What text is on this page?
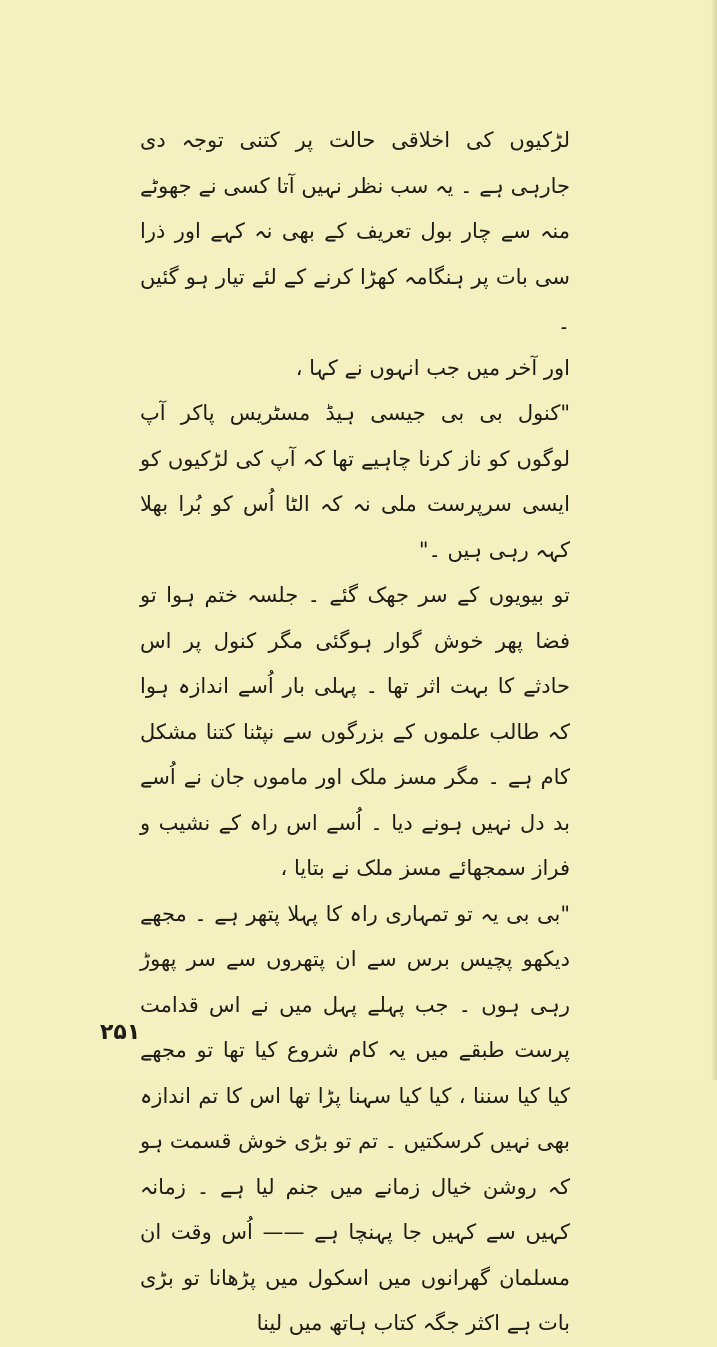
لڑکیوں کی اخلاقی حالت پر کتنی توجہ دی جارہی ہے ۔ یہ سب نظر نہیں آتا کسی نے جھوٹے منہ سے چار بول تعریف کے بھی نہ کہے اور ذرا سی بات پر ہنگامہ کھڑا کرنے کے لئے تیار ہو گئیں ۔

اور آخر میں جب انہوں نے کہا ،

"کنول بی بی جیسی ہیڈ مسٹریس پاکر آپ لوگوں کو ناز کرنا چاہیے تھا کہ آپ کی لڑکیوں کو ایسی سرپرست ملی نہ کہ الٹا اُس کو بُرا بھلا کہہ رہی ہیں ۔"

تو بیویوں کے سر جھک گئے ۔ جلسہ ختم ہوا تو فضا پھر خوش گوار ہوگئی مگر کنول پر اس حادثے کا بہت اثر تھا ۔ پہلی بار اُسے اندازہ ہوا کہ طالب علموں کے بزرگوں سے نپٹنا کتنا مشکل کام ہے ۔ مگر مسز ملک اور ماموں جان نے اُسے بد دل نہیں ہونے دیا ۔ اُسے اس راہ کے نشیب و فراز سمجھائے مسز ملک نے بتایا ،

"بی بی یہ تو تمہاری راہ کا پہلا پتھر ہے ۔ مجھے دیکھو پچیس برس سے ان پتھروں سے سر پھوڑ رہی ہوں ۔ جب پہلے پہل میں نے اس قدامت پرست طبقے میں یہ کام شروع کیا تھا تو مجھے کیا کیا سننا ، کیا کیا سہنا پڑا تھا اس کا تم اندازہ بھی نہیں کرسکتیں ۔ تم تو بڑی خوش قسمت ہو کہ روشن خیال زمانے میں جنم لیا ہے ۔ زمانہ کہیں سے کہیں جا پہنچا ہے —— اُس وقت ان مسلمان گھرانوں میں اسکول میں پڑھانا تو بڑی بات ہے اکثر جگہ کتاب ہاتھ میں لینا

۲۵۱
